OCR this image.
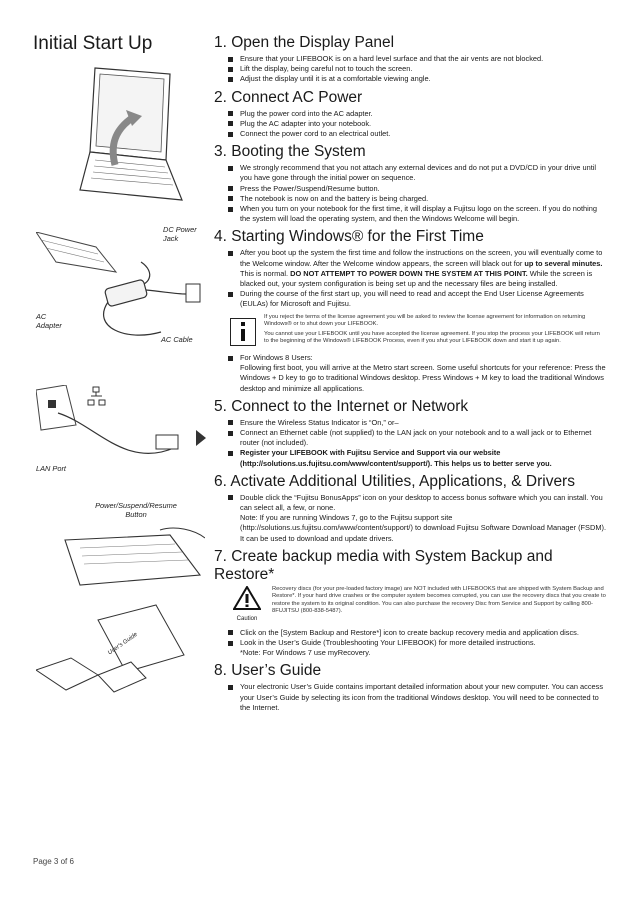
Initial Start Up
DC Power Jack
AC Adapter
AC Cable
LAN Port
Power/Suspend/Resume Button
User's Guide
1. Open the Display Panel
Ensure that your LIFEBOOK is on a hard level surface and that the air vents are not blocked.
Lift the display, being careful not to touch the screen.
Adjust the display until it is at a comfortable viewing angle.
2. Connect AC Power
Plug the power cord into the AC adapter.
Plug the AC adapter into your notebook.
Connect the power cord to an electrical outlet.
3. Booting the System
We strongly recommend that you not attach any external devices and do not put a DVD/CD in your drive until you have gone through the initial power on sequence.
Press the Power/Suspend/Resume button.
The notebook is now on and the battery is being charged.
When you turn on your notebook for the first time, it will display a Fujitsu logo on the screen. If you do nothing the system will load the operating system, and then the Windows Welcome will begin.
4. Starting Windows® for the First Time
After you boot up the system the first time and follow the instructions on the screen, you will eventually come to the Welcome window. After the Welcome window appears, the screen will black out for up to several minutes. This is normal. DO NOT ATTEMPT TO POWER DOWN THE SYSTEM AT THIS POINT. While the screen is blacked out, your system configuration is being set up and the necessary files are being installed.
During the course of the first start up, you will need to read and accept the End User License Agreements (EULAs) for Microsoft and Fujitsu.

If you reject the terms of the license agreement you will be asked to review the license agreement for information on returning Windows® or to shut down your LIFEBOOK.

You cannot use your LIFEBOOK until you have accepted the license agreement. If you stop the process your LIFEBOOK will return to the beginning of the Windows® LIFEBOOK Process, even if you shut your LIFEBOOK down and start it up again.

For Windows 8 Users:
Following first boot, you will arrive at the Metro start screen. Some useful shortcuts for your reference: Press the Windows + D key to go to traditional Windows desktop. Press Windows + M key to load the traditional Windows desktop and minimize all applications.
5. Connect to the Internet or Network
Ensure the Wireless Status Indicator is “On,” or–
Connect an Ethernet cable (not supplied) to the LAN jack on your notebook and to a wall jack or to Ethernet router (not included).
Register your LIFEBOOK with Fujitsu Service and Support via our website (http://solutions.us.fujitsu.com/www/content/support/). This helps us to better serve you.
6. Activate Additional Utilities, Applications, & Drivers
Double click the “Fujitsu BonusApps” icon on your desktop to access bonus software which you can install. You can select all, a few, or none.
Note: If you are running Windows 7, go to the Fujitsu support site (http://solutions.us.fujitsu.com/www/content/support/) to download Fujitsu Software Download Manager (FSDM). It can be used to download and update drivers.
7. Create backup media with System Backup and Restore*
Caution
Recovery discs (for your pre-loaded factory image) are NOT included with LIFEBOOKS that are shipped with System Backup and Restore*. If your hard drive crashes or the computer system becomes corrupted, you can use the recovery discs that you create to restore the system to its original condition. You can also purchase the recovery Disc from Service and Support by calling 800-8FUJITSU (800-838-5487).
Click on the [System Backup and Restore*] icon to create backup recovery media and application discs.
Look in the User’s Guide (Troubleshooting Your LIFEBOOK) for more detailed instructions.
*Note: For Windows 7 use myRecovery.
8. User’s Guide
Your electronic User’s Guide contains important detailed information about your new computer. You can access your User’s Guide by selecting its icon from the traditional Windows desktop. You will need to be connected to the Internet.
Page 3 of 6
